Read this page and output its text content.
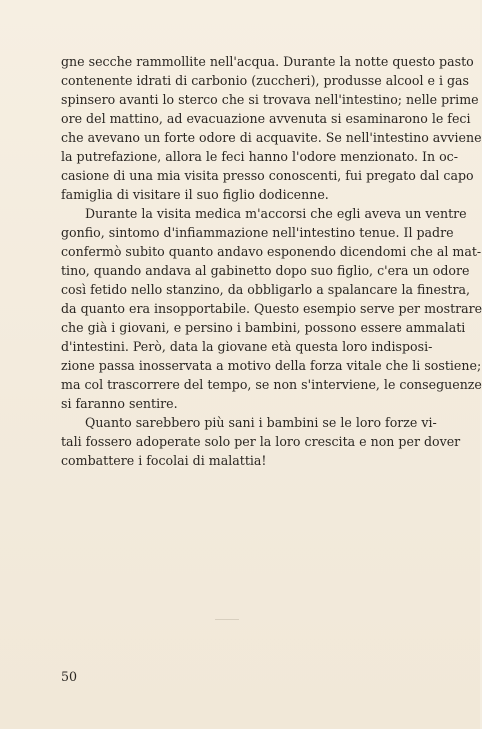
gne secche rammollite nell'acqua. Durante la notte questo pasto
contenente idrati di carbonio (zuccheri), produsse alcool e i gas
spinsero avanti lo sterco che si trovava nell'intestino; nelle prime
ore del mattino, ad evacuazione avvenuta si esaminarono le feci
che avevano un forte odore di acquavite. Se nell'intestino avviene
la putrefazione, allora le feci hanno l'odore menzionato. In oc-
casione di una mia visita presso conoscenti, fui pregato dal capo
famiglia di visitare il suo figlio dodicenne.
Durante la visita medica m'accorsi che egli aveva un ventre
gonfio, sintomo d'infiammazione nell'intestino tenue. Il padre
confermò subito quanto andavo esponendo dicendomi che al mat-
tino, quando andava al gabinetto dopo suo figlio, c'era un odore
così fetido nello stanzino, da obbligarlo a spalancare la finestra,
da quanto era insopportabile. Questo esempio serve per mostrare
che già i giovani, e persino i bambini, possono essere ammalati
d'intestini. Però, data la giovane età questa loro indisposi-
zione passa inosservata a motivo della forza vitale che li sostiene;
ma col trascorrere del tempo, se non s'interviene, le conseguenze
si faranno sentire.
Quanto sarebbero più sani i bambini se le loro forze vi-
tali fossero adoperate solo per la loro crescita e non per dover
combattere i focolai di malattia!
50
